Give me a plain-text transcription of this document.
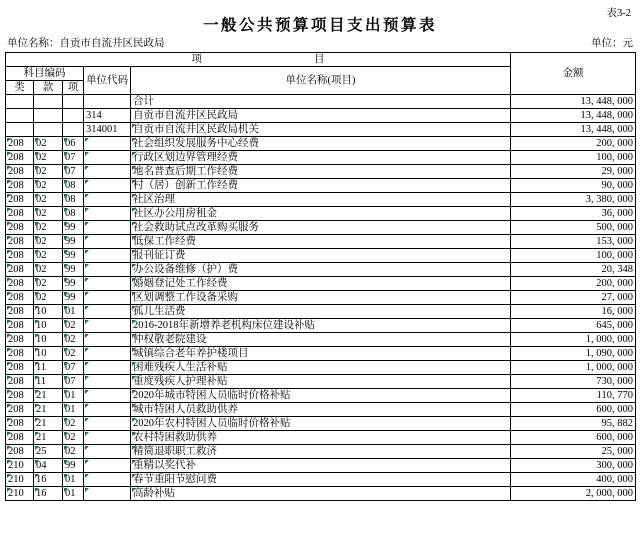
表3-2
一般公共预算项目支出预算表
单位名称：自贡市自流井区民政局	单位：元
项 目					金额
科目编码			单位代码	单位名称(项目)	
类	款	项			
				合计	13, 448, 000
			314	自贡市自流井区民政局	13, 448, 000
			314001	自贡市自流井区民政局机关	13, 448, 000

208	02	06		社会组织发展服务中心经费	200, 000

208	02	07		行政区划边界管理经费	100, 000

208	02	07		地名普查后期工作经费	29, 000

208	02	08		村（居）创新工作经费	90, 000

208	02	08		社区治理	3, 380, 000

208	02	08		社区办公用房租金	36, 000

208	02	99		社会救助试点改革购买服务	500, 000

208	02	99		低保工作经费	153, 000

208	02	99		报刊征订费	100, 000

208	02	99		办公设备维修（护）费	20, 348

208	02	99		婚姻登记处工作经费	200, 000

208	02	99		区划调整工作设备采购	27, 000

208	10	01		孤儿生活费	16, 000

208	10	02		2016-2018年新增养老机构床位建设补贴	645, 000

208	10	02		仲权敬老院建设	1, 000, 000

208	10	02		城镇综合老年养护楼项目	1, 090, 000

208	11	07		困难残疾人生活补贴	1, 000, 000

208	11	07		重度残疾人护理补贴	730, 000

208	21	01		2020年城市特困人员临时价格补贴	110, 770

208	21	01		城市特困人员救助供养	600, 000

208	21	02		2020年农村特困人员临时价格补贴	95, 882

208	21	02		农村特困救助供养	600, 000

208	25	02		精简退职职工救济	25, 000

210	04	99		重精以奖代补	300, 000

210	16	01		春节重阳节慰问费	400, 000

210	16	01		高龄补贴	2, 000, 000
